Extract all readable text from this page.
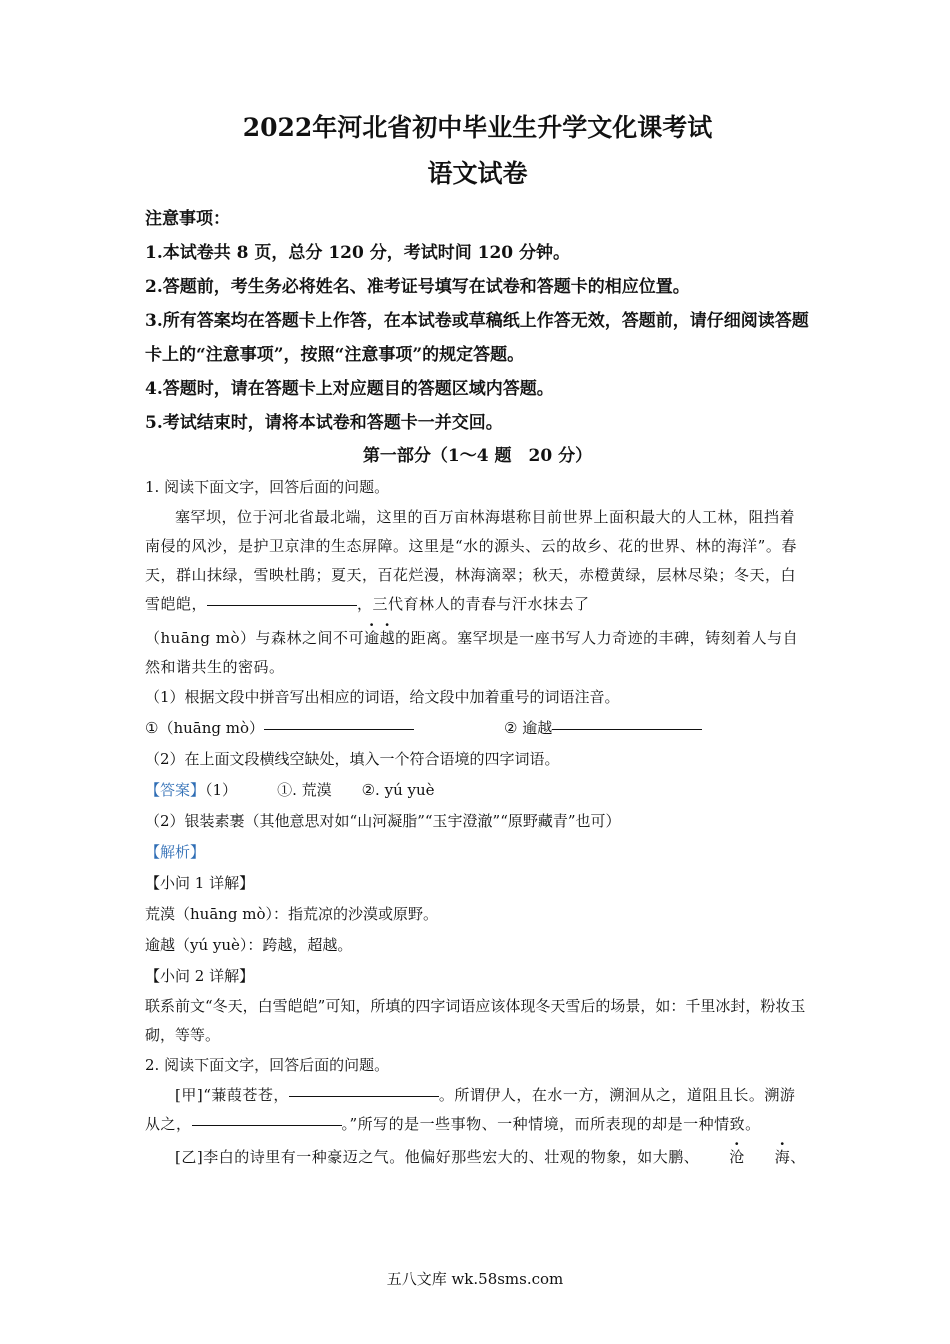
2022年河北省初中毕业生升学文化课考试
语文试卷
注意事项：
1.本试卷共 8 页，总分 120 分，考试时间 120 分钟。
2.答题前，考生务必将姓名、准考证号填写在试卷和答题卡的相应位置。
3.所有答案均在答题卡上作答，在本试卷或草稿纸上作答无效，答题前，请仔细阅读答题卡上的“注意事项”，按照“注意事项”的规定答题。
4.答题时，请在答题卡上对应题目的答题区域内答题。
5.考试结束时，请将本试卷和答题卡一并交回。
第一部分（1～4 题　20 分）
1. 阅读下面文字，回答后面的问题。
塞罕坝，位于河北省最北端，这里的百万亩林海堪称目前世界上面积最大的人工林，阻挡着南侵的风沙，是护卫京津的生态屏障。这里是“水的源头、云的故乡、花的世界、林的海洋”。春天，群山抹绿，雪映杜鹃；夏天，百花烂漫，林海滴翠；秋天，赤橙黄绿，层林尽染；冬天，白雪皑皑，	，三代育林人的青春与汗水抹去了
（huāng mò）与森林之间不可逾越的距离。塞罕坝是一座书写人力奇迹的丰碑，铸刻着人与自然和谐共生的密码。
（1）根据文段中拼音写出相应的词语，给文段中加着重号的词语注音。
①（huāng mò）	② 逾越
（2）在上面文段横线空缺处，填入一个符合语境的四字词语。
【答案】（1）	①. 荒漠 ②. yú yuè
（2）银装素裹（其他意思对如“山河凝脂”“玉宇澄澈”“原野藏青”也可）
【解析】
【小问 1 详解】
荒漠（huāng mò）：指荒凉的沙漠或原野。
逾越（yú yuè）：跨越，超越。
【小问 2 详解】
联系前文“冬天，白雪皑皑”可知，所填的四字词语应该体现冬天雪后的场景，如：千里冰封，粉妆玉砌，等等。
2. 阅读下面文字，回答后面的问题。
[甲]“蒹葭苍苍，	。所谓伊人，在水一方，溯洄从之，道阻且长。溯游从之，	。”所写的是一些事物、一种情境，而所表现的却是一种情致。
[乙]李白的诗里有一种豪迈之气。他偏好那些宏大的、壮观的物象，如大鹏、 沧 海、
五八文库 wk.58sms.com
